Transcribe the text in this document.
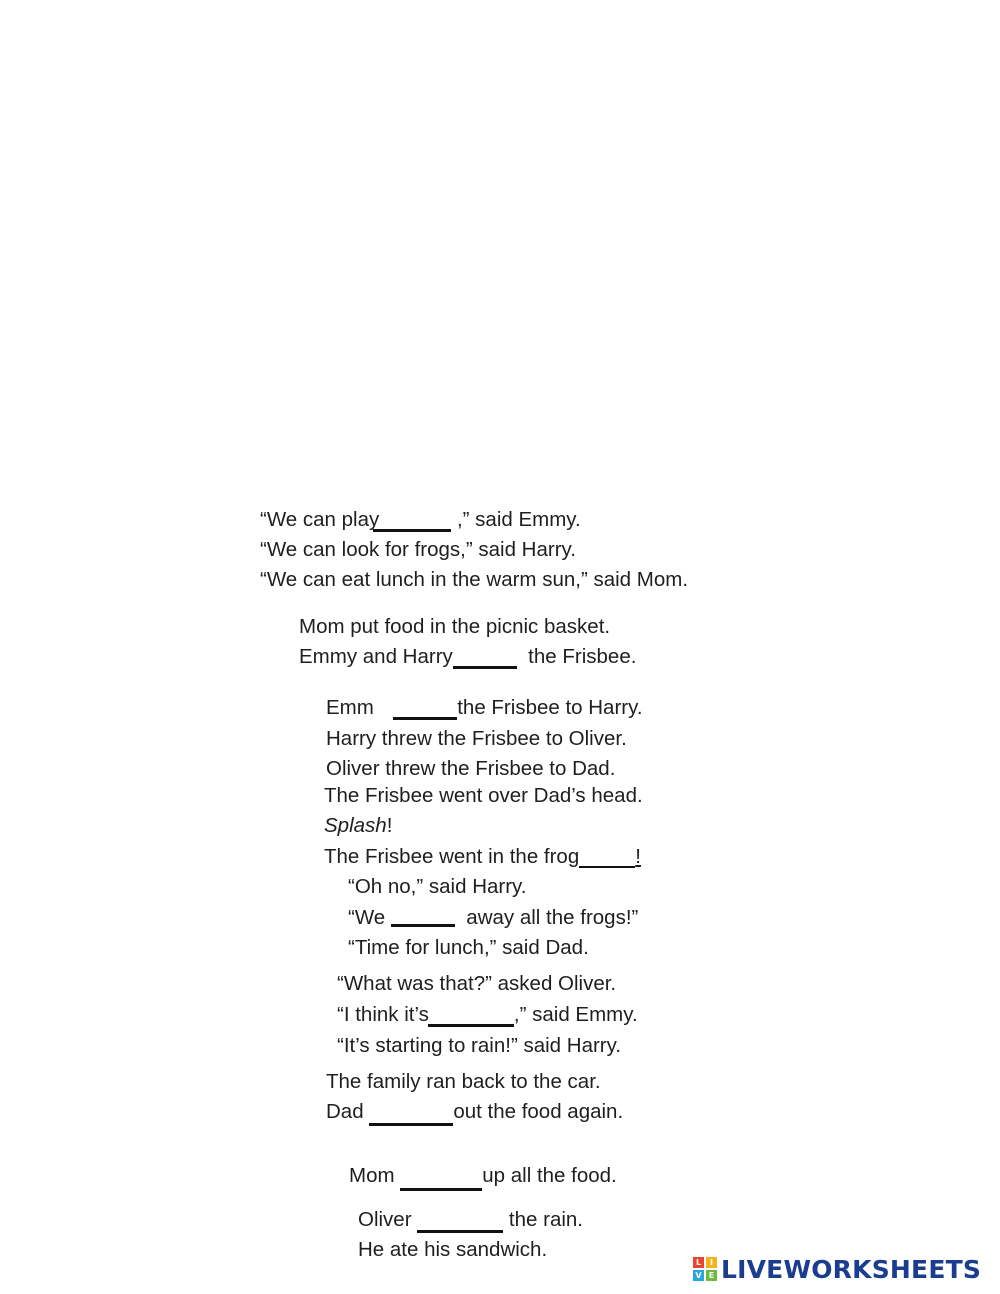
“We can play	,” said Emmy.
“We can look for frogs,” said Harry.
“We can eat lunch in the warm sun,” said Mom.
Mom put food in the picnic basket.
Emmy and Harry	the Frisbee.
Emm	the Frisbee to Harry.
Harry threw the Frisbee to Oliver.
Oliver threw the Frisbee to Dad.
The Frisbee went over Dad’s head.
Splash!
The Frisbee went in the frog	!
“Oh no,” said Harry.
“We	away all the frogs!”
“Time for lunch,” said Dad.
“What was that?” asked Oliver.
“I think it’s	,” said Emmy.
“It’s starting to rain!” said Harry.
The family ran back to the car.
Dad	out the food again.
Mom	up all the food.
Oliver	the rain.
He ate his sandwich.
L	I
V E LIVEWORKSHEETS
